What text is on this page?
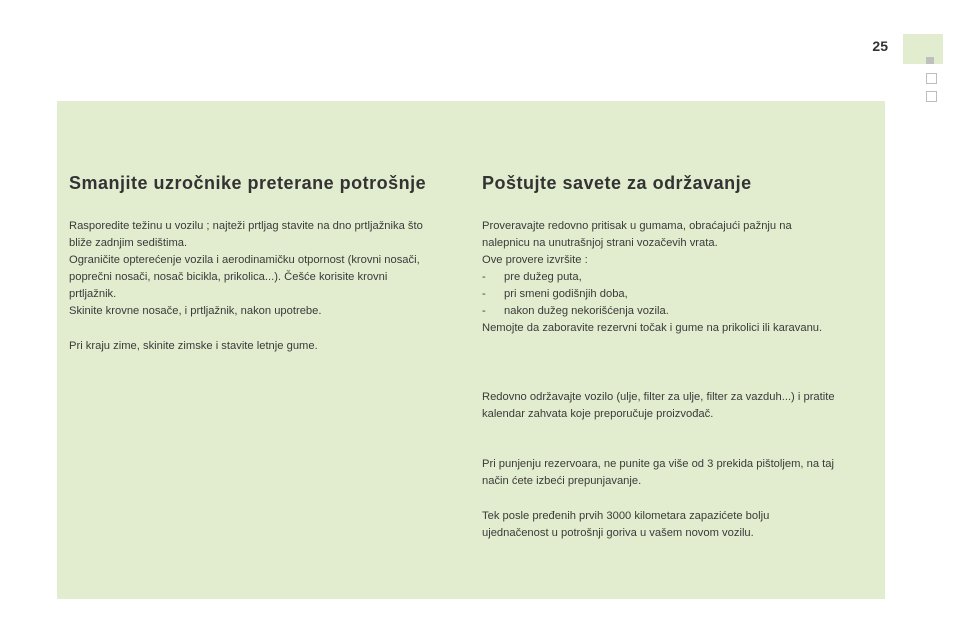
25
Smanjite uzročnike preterane potrošnje

Rasporedite težinu u vozilu ; najteži prtljag stavite na dno prtljažnika što

bliže zadnjim sedištima.

Ograničite opterećenje vozila i aerodinamičku otpornost (krovni nosači,

poprečni nosači, nosač bicikla, prikolica...). Češće korisite krovni

prtljažnik.

Skinite krovne nosače, i prtljažnik, nakon upotrebe.

Pri kraju zime, skinite zimske i stavite letnje gume.

Poštujte savete za održavanje

Proveravajte redovno pritisak u gumama, obraćajući pažnju na

nalepnicu na unutrašnjoj strani vozačevih vrata.

Ove provere izvršite :

-	pre dužeg puta,
-	pri smeni godišnjih doba,
-	nakon dužeg nekorišćenja vozila.

Nemojte da zaboravite rezervni točak i gume na prikolici ili karavanu.

Redovno održavajte vozilo (ulje, filter za ulje, filter za vazduh...) i pratite

kalendar zahvata koje preporučuje proizvođač.

Pri punjenju rezervoara, ne punite ga više od 3 prekida pištoljem, na taj

način ćete izbeći prepunjavanje.

Tek posle pređenih prvih 3000 kilometara zapazićete bolju

ujednačenost u potrošnji goriva u vašem novom vozilu.
